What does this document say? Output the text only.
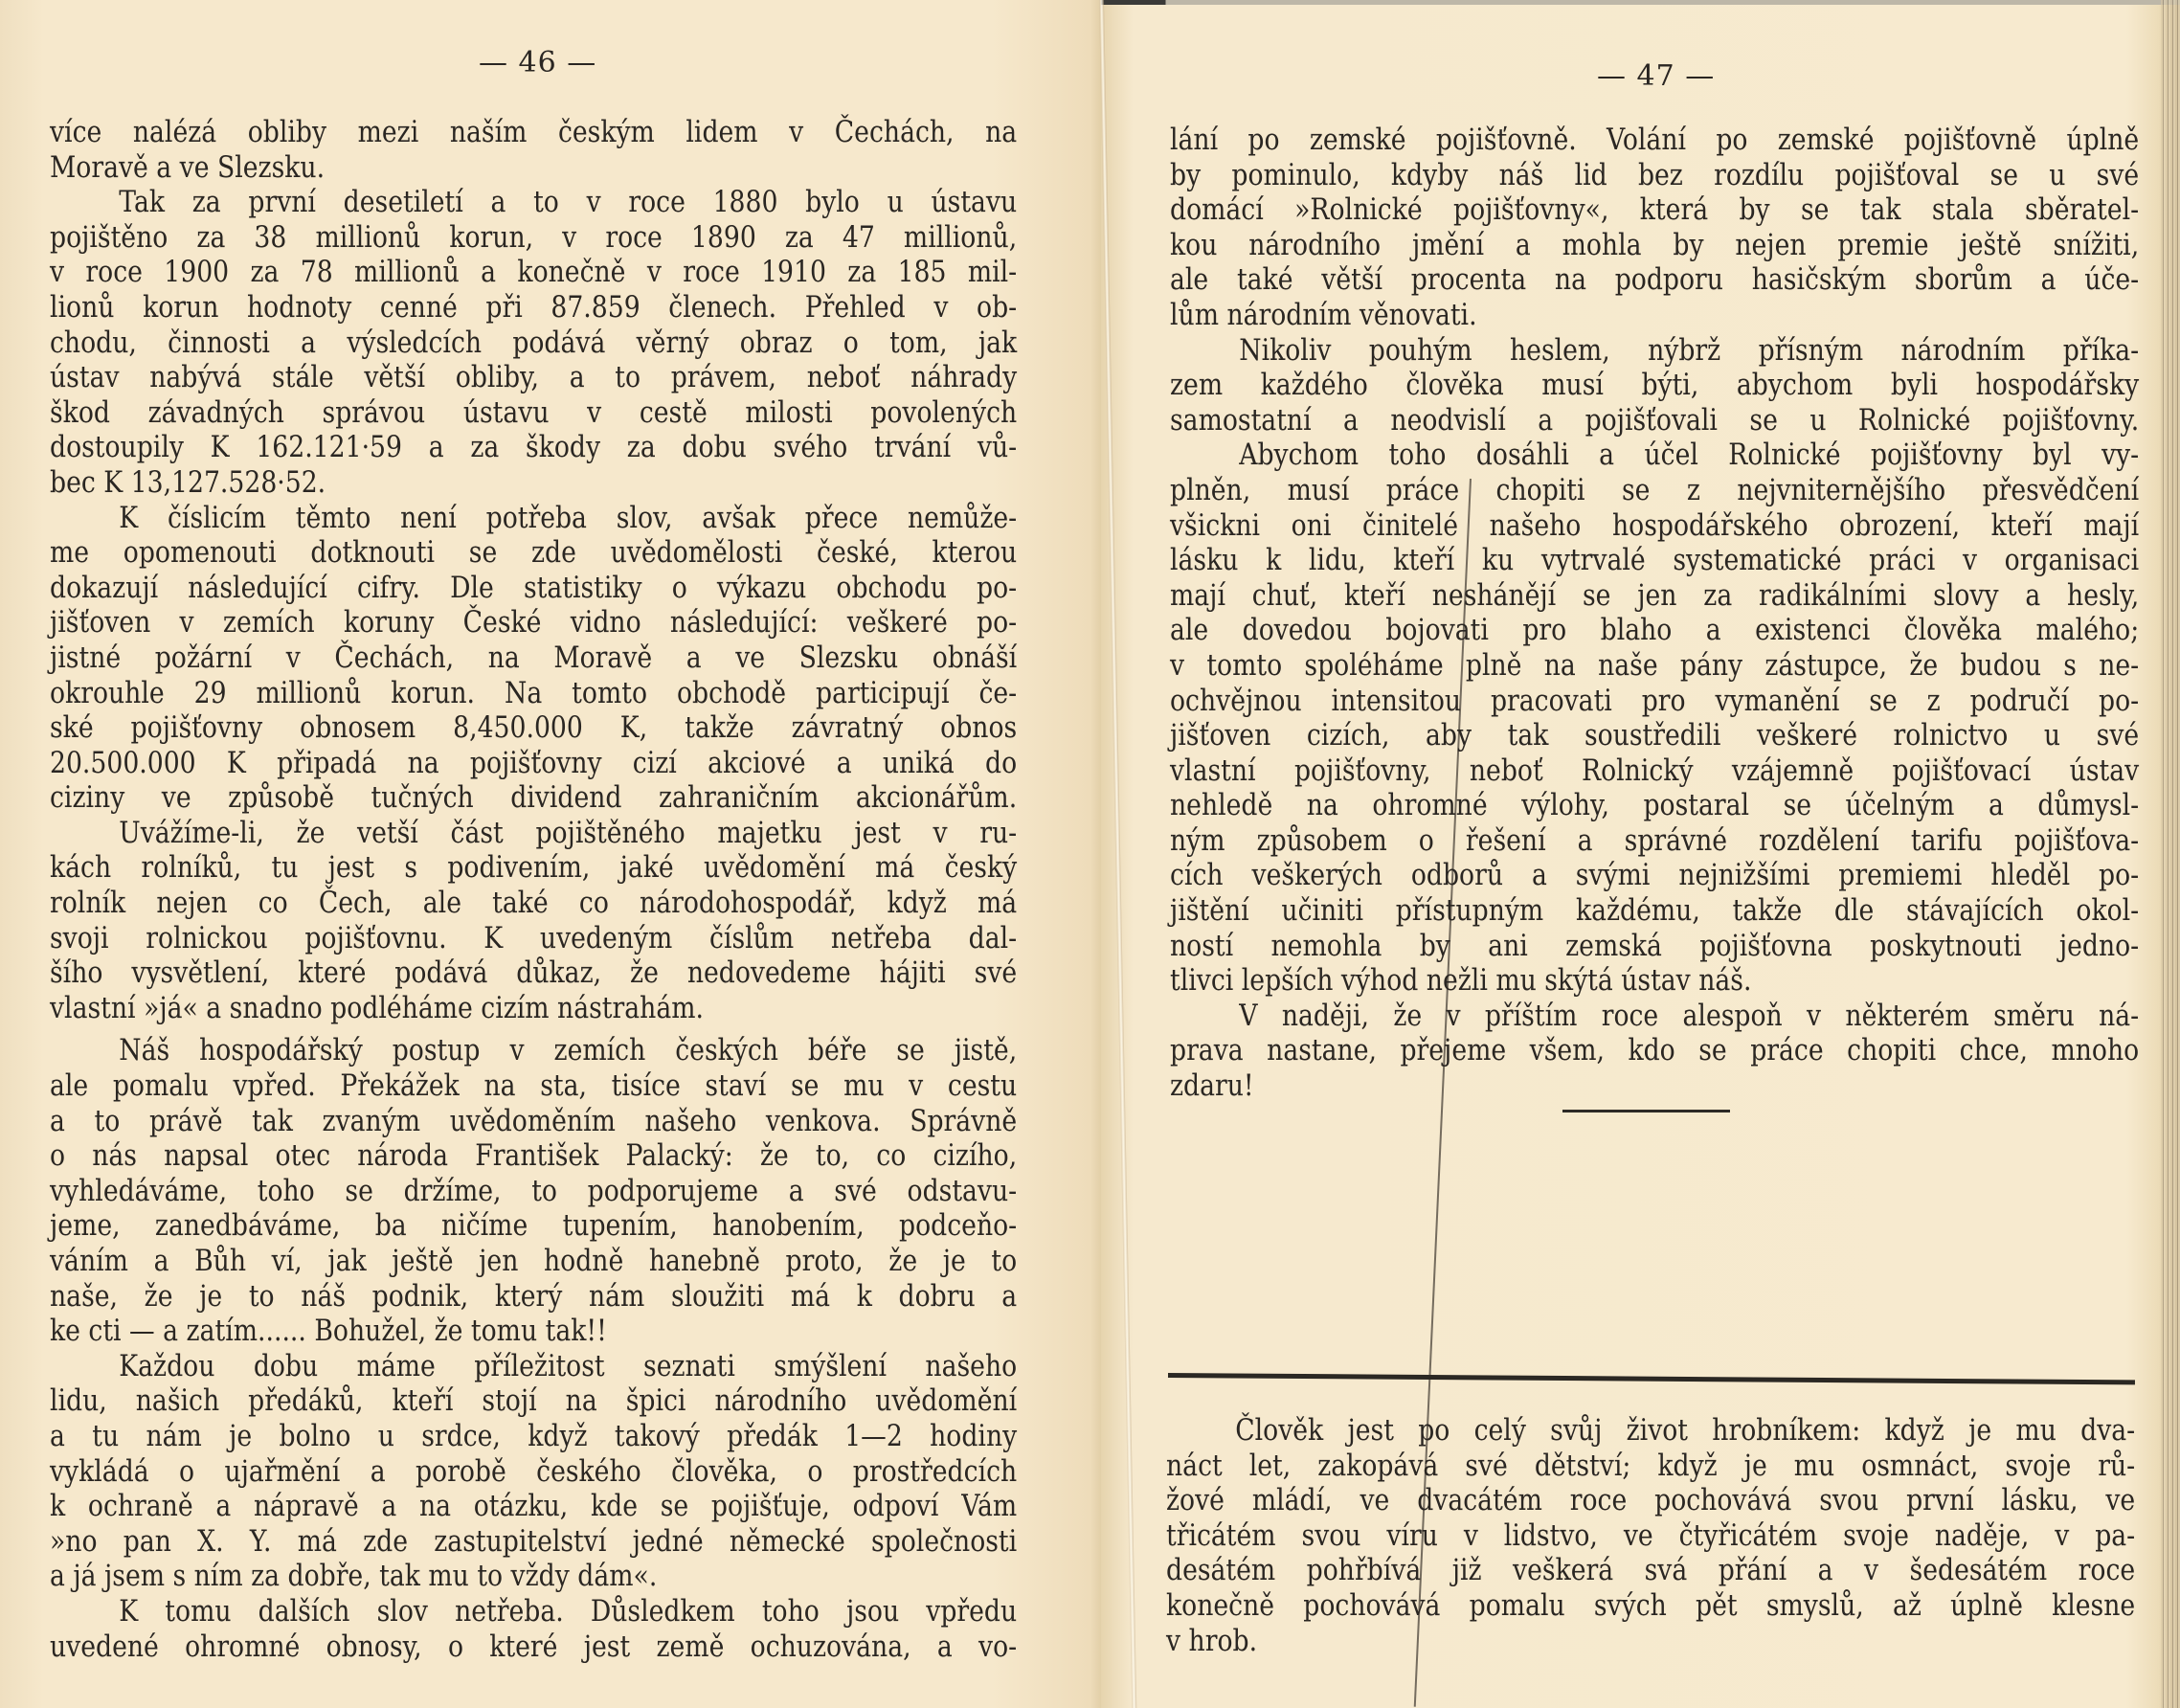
— 46 —	— 47 —
více nalézá obliby mezi naším českým lidem v Čechách, na
Moravě a ve Slezsku.
Tak za první desetiletí a to v roce 1880 bylo u ústavu
pojištěno za 38 millionů korun, v roce 1890 za 47 millionů,
v roce 1900 za 78 millionů a konečně v roce 1910 za 185 mil-
lionů korun hodnoty cenné při 87.859 členech. Přehled v ob-
chodu, činnosti a výsledcích podává věrný obraz o tom, jak
ústav nabývá stále větší obliby, a to právem, neboť náhrady
škod závadných správou ústavu v cestě milosti povolených
dostoupily K 162.121·59 a za škody za dobu svého trvání vů-
bec K 13,127.528·52.
K číslicím těmto není potřeba slov, avšak přece nemůže-
me opomenouti dotknouti se zde uvědomělosti české, kterou
dokazují následující cifry. Dle statistiky o výkazu obchodu po-
jišťoven v zemích koruny České vidno následující: veškeré po-
jistné požární v Čechách, na Moravě a ve Slezsku obnáší
okrouhle 29 millionů korun. Na tomto obchodě participují če-
ské pojišťovny obnosem 8,450.000 K, takže závratný obnos
20.500.000 K připadá na pojišťovny cizí akciové a uniká do
ciziny ve způsobě tučných dividend zahraničním akcionářům.
Uvážíme-li, že vetší část pojištěného majetku jest v ru-
kách rolníků, tu jest s podivením, jaké uvědomění má český
rolník nejen co Čech, ale také co národohospodář, když má
svoji rolnickou pojišťovnu. K uvedeným číslům netřeba dal-
šího vysvětlení, které podává důkaz, že nedovedeme hájiti své
vlastní »já« a snadno podléháme cizím nástrahám.
Náš hospodářský postup v zemích českých béře se jistě,
ale pomalu vpřed. Překážek na sta, tisíce staví se mu v cestu
a to právě tak zvaným uvědoměním našeho venkova. Správně
o nás napsal otec národa František Palacký: že to, co cizího,
vyhledáváme, toho se držíme, to podporujeme a své odstavu-
jeme, zanedbáváme, ba ničíme tupením, hanobením, podceňo-
váním a Bůh ví, jak ještě jen hodně hanebně proto, že je to
naše, že je to náš podnik, který nám sloužiti má k dobru a
ke cti — a zatím...... Bohužel, že tomu tak!!
Každou dobu máme příležitost seznati smýšlení našeho
lidu, našich předáků, kteří stojí na špici národního uvědomění
a tu nám je bolno u srdce, když takový předák 1—2 hodiny
vykládá o ujařmění a porobě českého člověka, o prostředcích
k ochraně a nápravě a na otázku, kde se pojišťuje, odpoví Vám
»no pan X. Y. má zde zastupitelství jedné německé společnosti
a já jsem s ním za dobře, tak mu to vždy dám«.
K tomu dalších slov netřeba. Důsledkem toho jsou vpředu
uvedené ohromné obnosy, o které jest země ochuzována, a vo-
lání po zemské pojišťovně. Volání po zemské pojišťovně úplně
by pominulo, kdyby náš lid bez rozdílu pojišťoval se u své
domácí »Rolnické pojišťovny«, která by se tak stala sběratel-
kou národního jmění a mohla by nejen premie ještě snížiti,
ale také větší procenta na podporu hasičským sborům a úče-
lům národním věnovati.
Nikoliv pouhým heslem, nýbrž přísným národním příka-
zem každého člověka musí býti, abychom byli hospodářsky
samostatní a neodvislí a pojišťovali se u Rolnické pojišťovny.
Abychom toho dosáhli a účel Rolnické pojišťovny byl vy-
plněn, musí práce chopiti se z nejvniternějšího přesvědčení
všickni oni činitelé našeho hospodářského obrození, kteří mají
lásku k lidu, kteří ku vytrvalé systematické práci v organisaci
mají chuť, kteří neshánějí se jen za radikálními slovy a hesly,
ale dovedou bojovati pro blaho a existenci člověka malého;
v tomto spoléháme plně na naše pány zástupce, že budou s ne-
ochvějnou intensitou pracovati pro vymanění se z područí po-
jišťoven cizích, aby tak soustředili veškeré rolnictvo u své
vlastní pojišťovny, neboť Rolnický vzájemně pojišťovací ústav
nehledě na ohromné výlohy, postaral se účelným a důmysl-
ným způsobem o řešení a správné rozdělení tarifu pojišťova-
cích veškerých odborů a svými nejnižšími premiemi hleděl po-
jištění učiniti přístupným každému, takže dle stávajících okol-
ností nemohla by ani zemská pojišťovna poskytnouti jedno-
tlivci lepších výhod nežli mu skýtá ústav náš.
V naději, že v příštím roce alespoň v některém směru ná-
prava nastane, přejeme všem, kdo se práce chopiti chce, mnoho
zdaru!
Člověk jest po celý svůj život hrobníkem: když je mu dva-
náct let, zakopává své dětství; když je mu osmnáct, svoje rů-
žové mládí, ve dvacátém roce pochovává svou první lásku, ve
třicátém svou víru v lidstvo, ve čtyřicátém svoje naděje, v pa-
desátém pohřbívá již veškerá svá přání a v šedesátém roce
konečně pochovává pomalu svých pět smyslů, až úplně klesne
v hrob.
